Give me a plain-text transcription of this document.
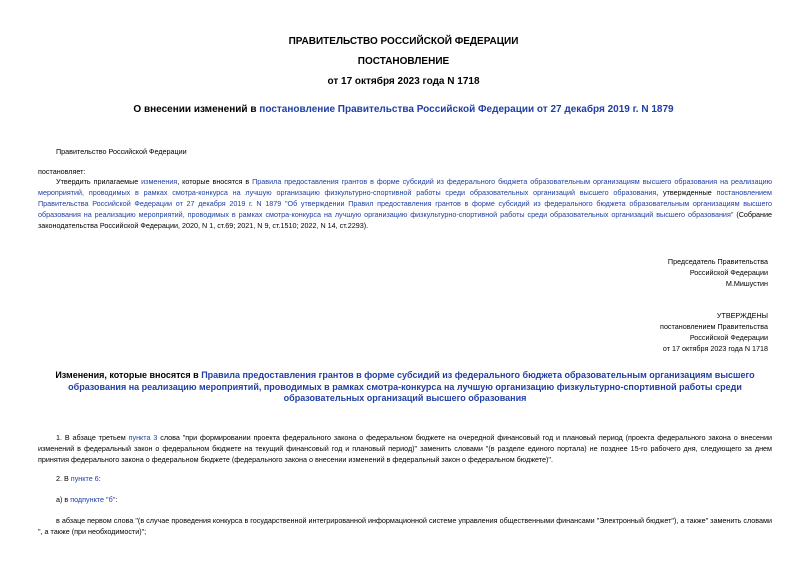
ПРАВИТЕЛЬСТВО РОССИЙСКОЙ ФЕДЕРАЦИИ
ПОСТАНОВЛЕНИЕ
от 17 октября 2023 года N 1718
О внесении изменений в постановление Правительства Российской Федерации от 27 декабря 2019 г. N 1879
Правительство Российской Федерации
постановляет:
Утвердить прилагаемые изменения, которые вносятся в Правила предоставления грантов в форме субсидий из федерального бюджета образовательным организациям высшего образования на реализацию мероприятий, проводимых в рамках смотра-конкурса на лучшую организацию физкультурно-спортивной работы среди образовательных организаций высшего образования, утвержденные постановлением Правительства Российской Федерации от 27 декабря 2019 г. N 1879 "Об утверждении Правил предоставления грантов в форме субсидий из федерального бюджета образовательным организациям высшего образования на реализацию мероприятий, проводимых в рамках смотра-конкурса на лучшую организацию физкультурно-спортивной работы среди образовательных организаций высшего образования" (Собрание законодательства Российской Федерации, 2020, N 1, ст.69; 2021, N 9, ст.1510; 2022, N 14, ст.2293).
Председатель Правительства
Российской Федерации
М.Мишустин
УТВЕРЖДЕНЫ
постановлением Правительства
Российской Федерации
от 17 октября 2023 года N 1718
Изменения, которые вносятся в Правила предоставления грантов в форме субсидий из федерального бюджета образовательным организациям высшего образования на реализацию мероприятий, проводимых в рамках смотра-конкурса на лучшую организацию физкультурно-спортивной работы среди образовательных организаций высшего образования
1. В абзаце третьем пункта 3 слова "при формировании проекта федерального закона о федеральном бюджете на очередной финансовый год и плановый период (проекта федерального закона о внесении изменений в федеральный закон о федеральном бюджете на текущий финансовый год и плановый период)" заменить словами "(в разделе единого портала) не позднее 15-го рабочего дня, следующего за днем принятия федерального закона о федеральном бюджете (федерального закона о внесении изменений в федеральный закон о федеральном бюджете)".
2. В пункте 6:
а) в подпункте "б":
в абзаце первом слова "(в случае проведения конкурса в государственной интегрированной информационной системе управления общественными финансами "Электронный бюджет"), а также" заменить словами ", а также (при необходимости)";
